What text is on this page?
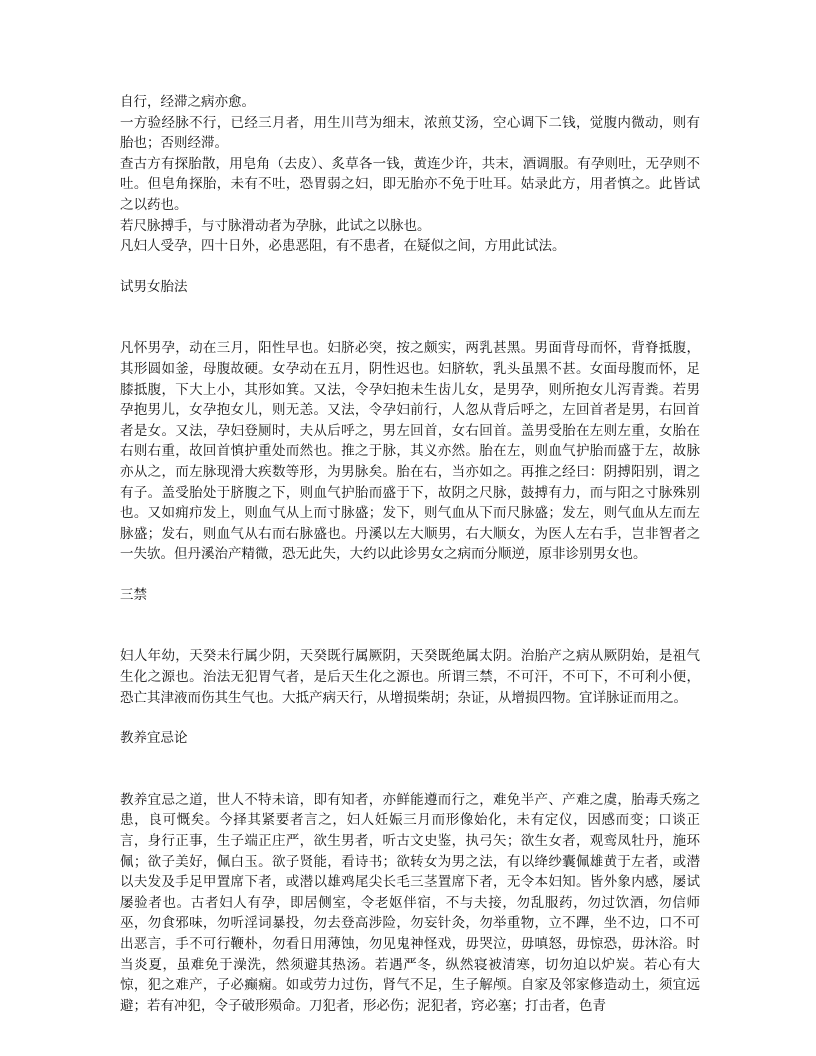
自行，经滞之病亦愈。

一方验经脉不行，已经三月者，用生川芎为细末，浓煎艾汤，空心调下二钱，觉腹内微动，则有胎也；否则经滞。

查古方有探胎散，用皂角（去皮）、炙草各一钱，黄连少许，共末，酒调服。有孕则吐，无孕则不吐。但皂角探胎，未有不吐，恐胃弱之妇，即无胎亦不免于吐耳。姑录此方，用者慎之。此皆试之以药也。

若尺脉搏手，与寸脉滑动者为孕脉，此试之以脉也。

凡妇人受孕，四十日外，必患恶阻，有不患者，在疑似之间，方用此试法。

试男女胎法

凡怀男孕，动在三月，阳性早也。妇脐必突，按之颇实，两乳甚黑。男面背母而怀，背脊抵腹，其形圆如釜，母腹故硬。女孕动在五月，阴性迟也。妇脐软，乳头虽黑不甚。女面母腹而怀，足膝抵腹，下大上小，其形如箕。又法，令孕妇抱未生齿儿女，是男孕，则所抱女儿泻青粪。若男孕抱男儿，女孕抱女儿，则无恙。又法，令孕妇前行，人忽从背后呼之，左回首者是男，右回首者是女。又法，孕妇登厕时，夫从后呼之，男左回首，女右回首。盖男受胎在左则左重，女胎在右则右重，故回首慎护重处而然也。推之于脉，其义亦然。胎在左，则血气护胎而盛于左，故脉亦从之，而左脉现滑大疾数等形，为男脉矣。胎在右，当亦如之。再推之经曰：阴搏阳别，谓之有子。盖受胎处于脐腹之下，则血气护胎而盛于下，故阴之尺脉，鼓搏有力，而与阳之寸脉殊别也。又如痈疖发上，则血气从上而寸脉盛；发下，则气血从下而尺脉盛；发左，则气血从左而左脉盛；发右，则血气从右而右脉盛也。丹溪以左大顺男，右大顺女，为医人左右手，岂非智者之一失欤。但丹溪治产精微，恐无此失，大约以此诊男女之病而分顺逆，原非诊别男女也。

三禁

妇人年幼，天癸未行属少阴，天癸既行属厥阴，天癸既绝属太阴。治胎产之病从厥阴始，是祖气生化之源也。治法无犯胃气者，是后天生化之源也。所谓三禁，不可汗，不可下，不可利小便，恐亡其津液而伤其生气也。大抵产病天行，从增损柴胡；杂证，从增损四物。宜详脉证而用之。

教养宜忌论

教养宜忌之道，世人不特未谙，即有知者，亦鲜能遵而行之，难免半产、产难之虞，胎毒夭殇之患，良可慨矣。今择其紧要者言之，妇人妊娠三月而形像始化，未有定仪，因感而变；口谈正言，身行正事，生子端正庄严，欲生男者，听古文史鉴，执弓矢；欲生女者，观鸾凤牡丹，施环佩；欲子美好，佩白玉。欲子贤能，看诗书；欲转女为男之法，有以绛纱囊佩雄黄于左者，或潜以夫发及手足甲置席下者，或潜以雄鸡尾尖长毛三茎置席下者，无令本妇知。皆外象内感，屡试屡验者也。古者妇人有孕，即居侧室，令老妪伴宿，不与夫接，勿乱服药，勿过饮酒，勿信师巫，勿食邪味，勿听淫词暴投，勿去登高涉险，勿妄针灸，勿举重物，立不蹕，坐不边，口不可出恶言，手不可行鞭朴，勿看日用薄蚀，勿见鬼神怪戏，毋哭泣，毋嗔怒，毋惊恐，毋沐浴。时当炎夏，虽难免于澡洗，然须避其热汤。若遇严冬，纵然寝被清寒，切勿迫以炉炭。若心有大惊，犯之难产，子必癫痫。如或劳力过伤，肾气不足，生子解颅。自家及邻家修造动土，须宜远避；若有冲犯，令子破形殒命。刀犯者，形必伤；泥犯者，窍必塞；打击者，色青
